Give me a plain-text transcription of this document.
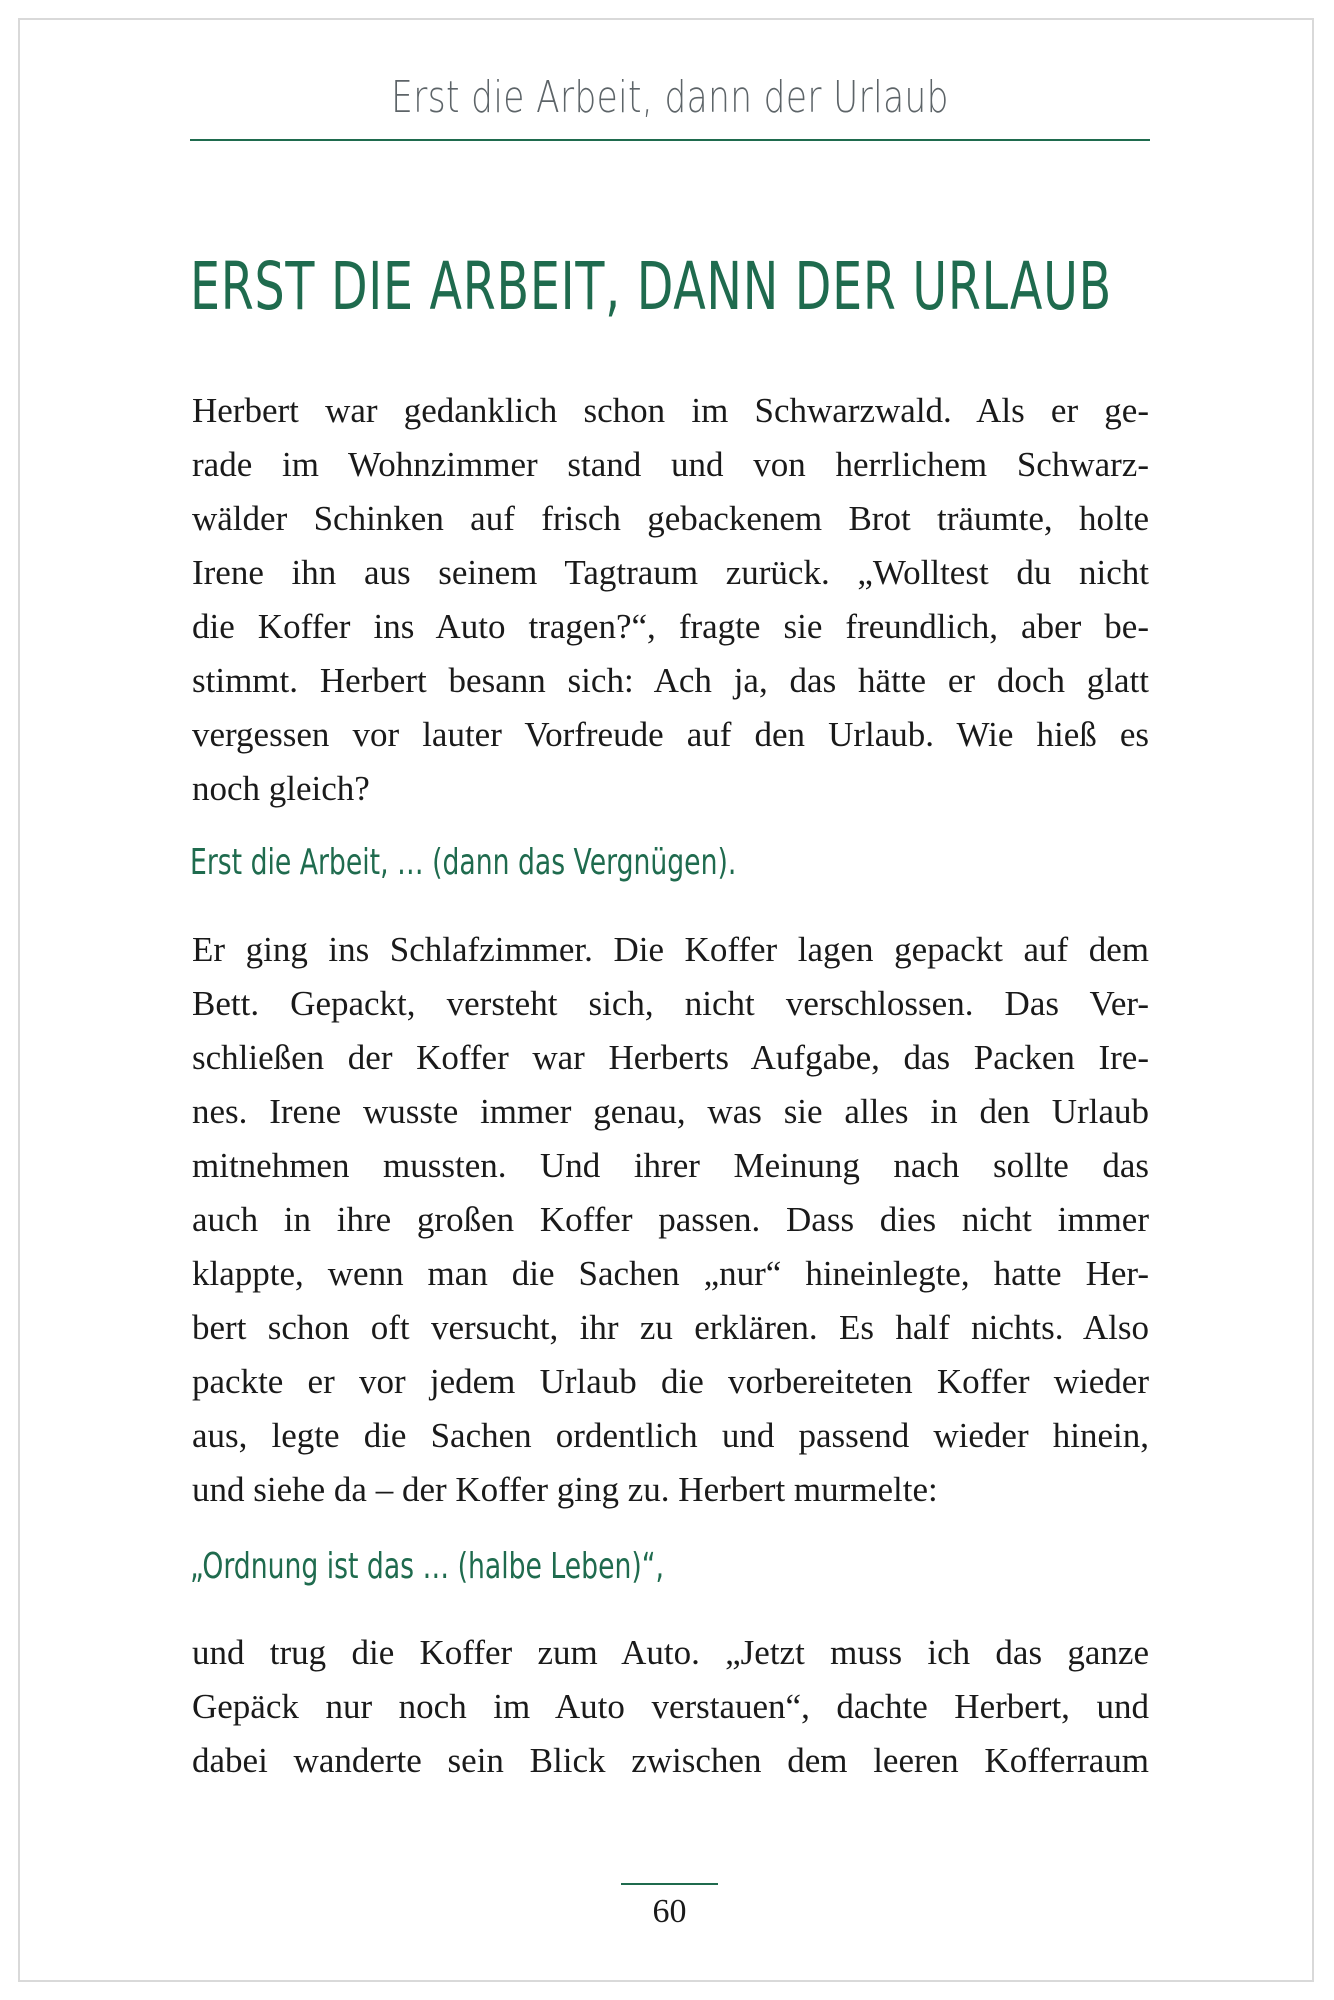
Erst die Arbeit, dann der Urlaub
ERST DIE ARBEIT, DANN DER URLAUB

Herbert war gedanklich schon im Schwarzwald. Als er ge-
rade im Wohnzimmer stand und von herrlichem Schwarz-
wälder Schinken auf frisch gebackenem Brot träumte, holte
Irene ihn aus seinem Tagtraum zurück. „Wolltest du nicht
die Koffer ins Auto tragen?“, fragte sie freundlich, aber be-
stimmt. Herbert besann sich: Ach ja, das hätte er doch glatt
vergessen vor lauter Vorfreude auf den Urlaub. Wie hieß es
noch gleich?

Erst die Arbeit, … (dann das Vergnügen).

Er ging ins Schlafzimmer. Die Koffer lagen gepackt auf dem
Bett. Gepackt, versteht sich, nicht verschlossen. Das Ver-
schließen der Koffer war Herberts Aufgabe, das Packen Ire-
nes. Irene wusste immer genau, was sie alles in den Urlaub
mitnehmen mussten. Und ihrer Meinung nach sollte das
auch in ihre großen Koffer passen. Dass dies nicht immer
klappte, wenn man die Sachen „nur“ hineinlegte, hatte Her-
bert schon oft versucht, ihr zu erklären. Es half nichts. Also
packte er vor jedem Urlaub die vorbereiteten Koffer wieder
aus, legte die Sachen ordentlich und passend wieder hinein,
und siehe da – der Koffer ging zu. Herbert murmelte:

„Ordnung ist das … (halbe Leben)“,

und trug die Koffer zum Auto. „Jetzt muss ich das ganze
Gepäck nur noch im Auto verstauen“, dachte Herbert, und
dabei wanderte sein Blick zwischen dem leeren Kofferraum

60
